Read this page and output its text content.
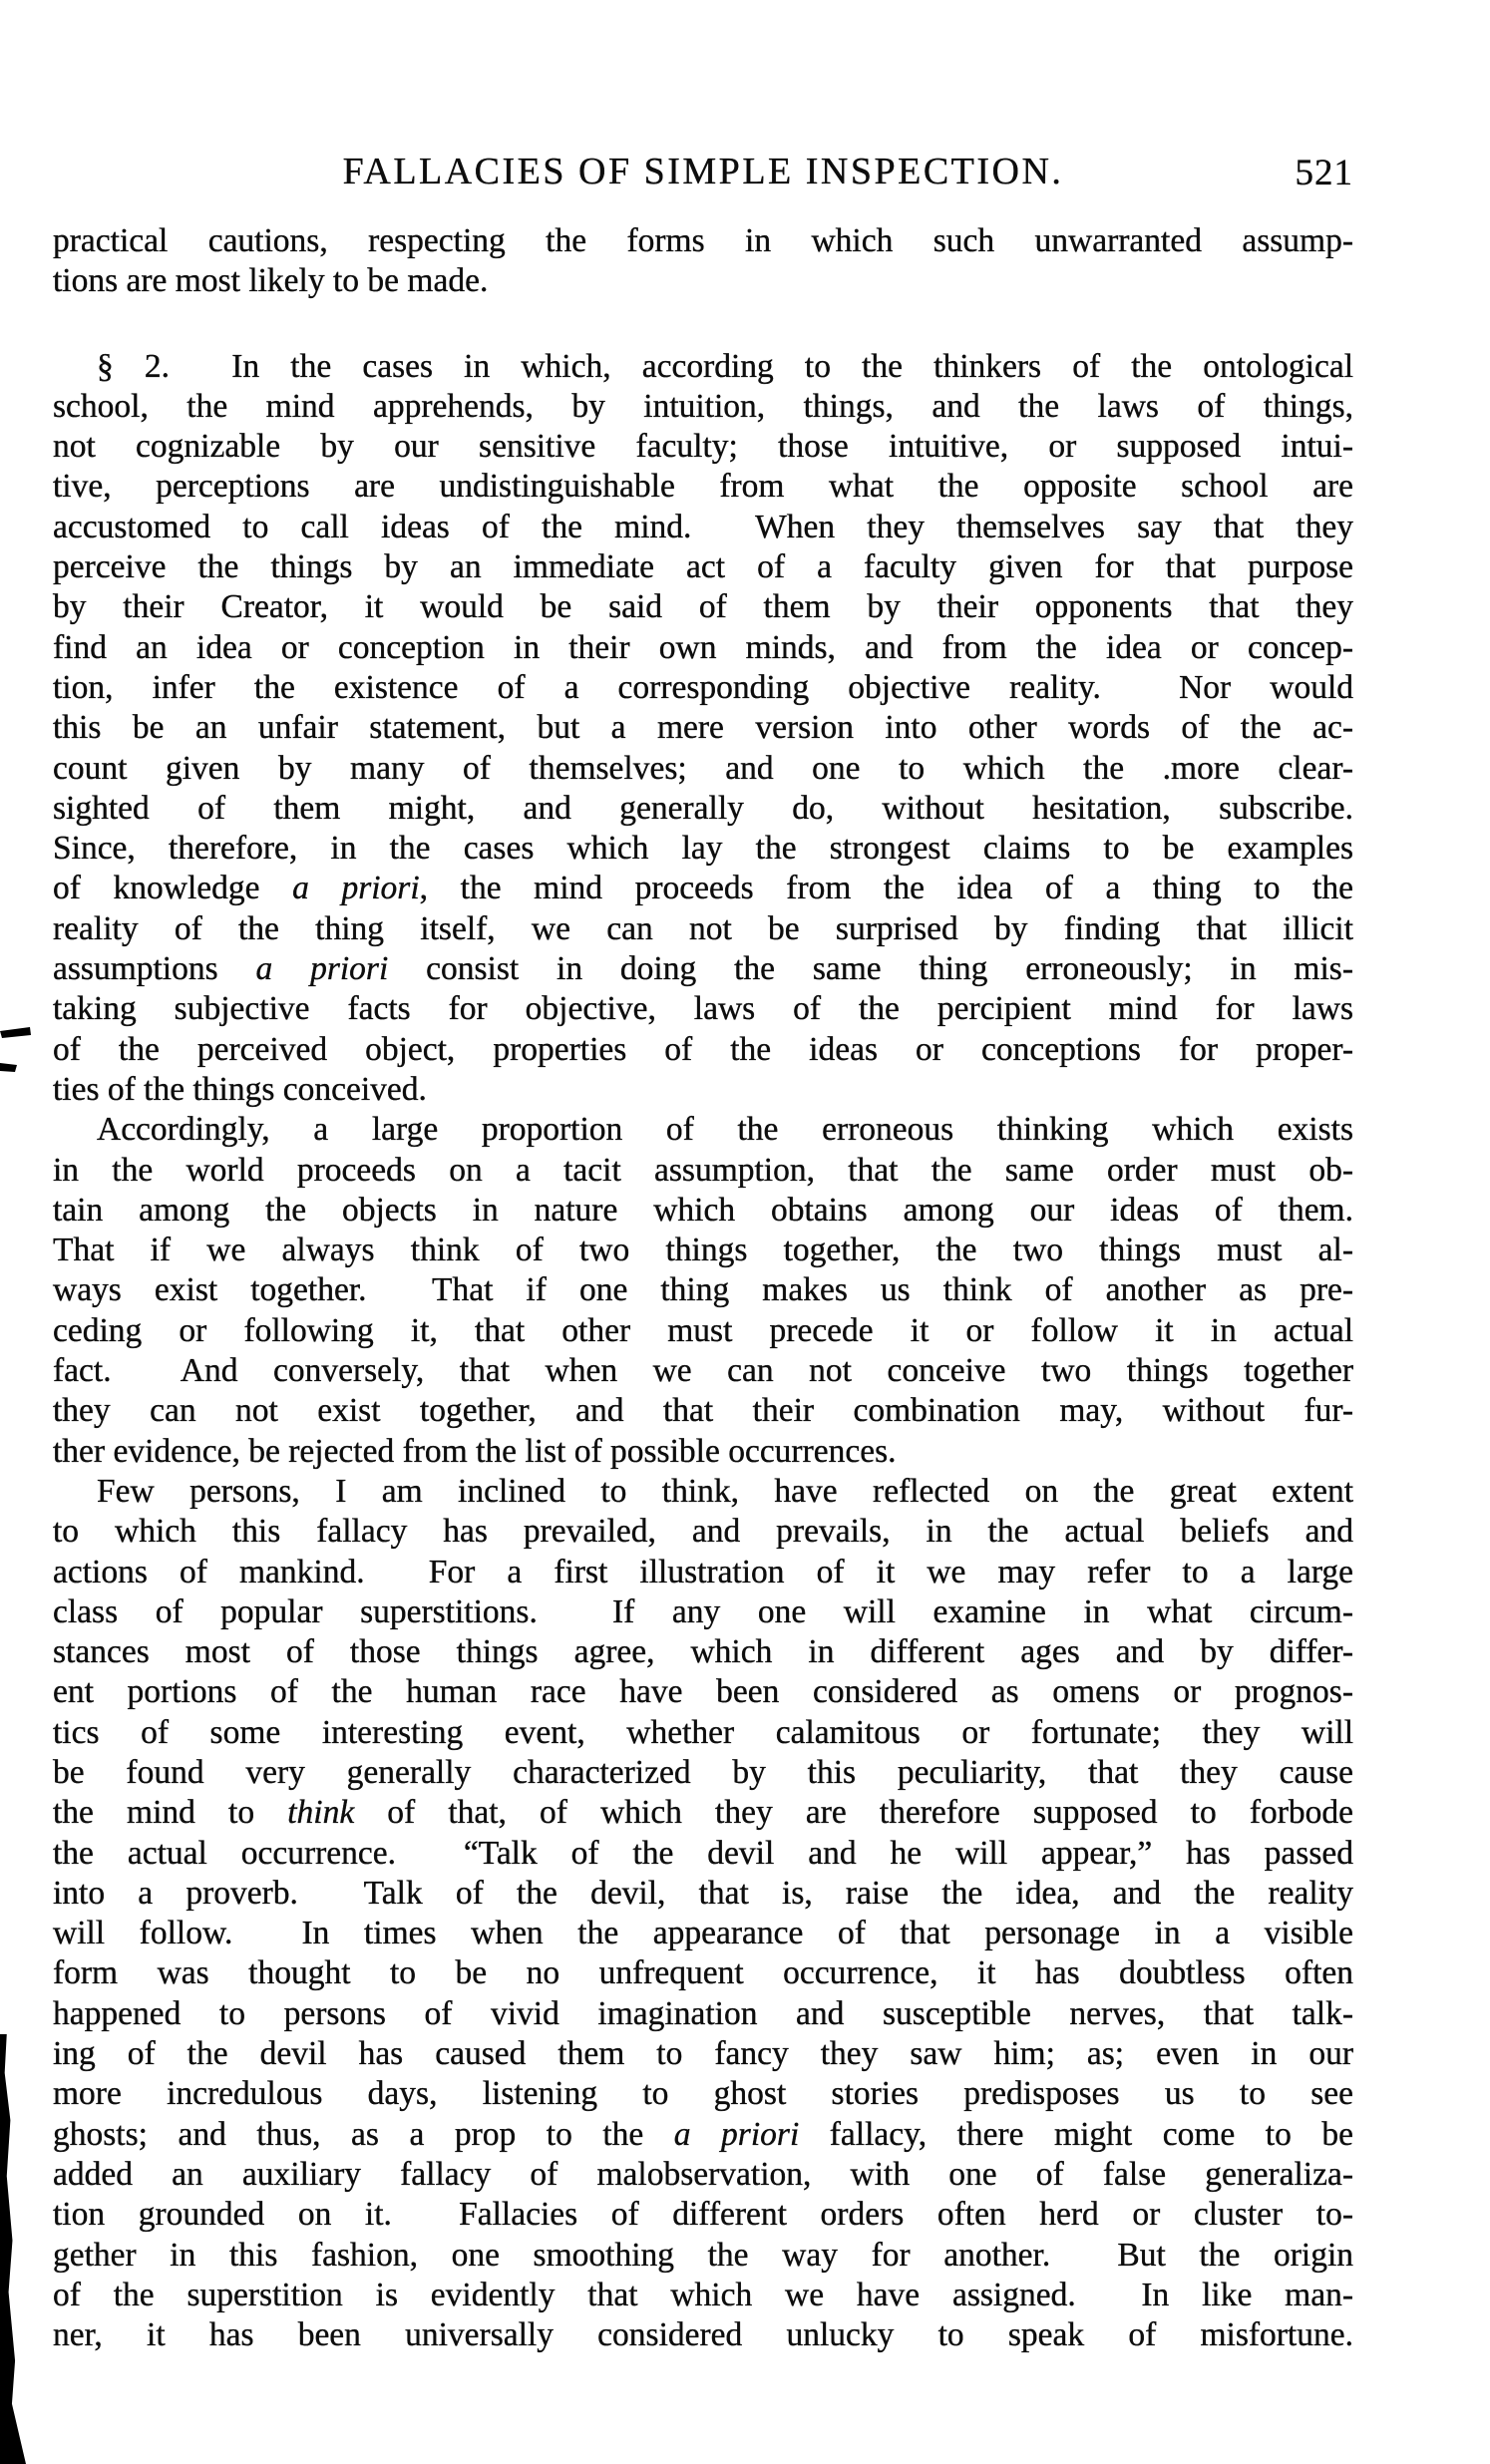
FALLACIES OF SIMPLE INSPECTION.	521
practical cautions, respecting the forms in which such unwarranted assump-
tions are most likely to be made.
§ 2.  In the cases in which, according to the thinkers of the ontological
school, the mind apprehends, by intuition, things, and the laws of things,
not cognizable by our sensitive faculty; those intuitive, or supposed intui-
tive, perceptions are undistinguishable from what the opposite school are
accustomed to call ideas of the mind.  When they themselves say that they
perceive the things by an immediate act of a faculty given for that purpose
by their Creator, it would be said of them by their opponents that they
find an idea or conception in their own minds, and from the idea or concep-
tion, infer the existence of a corresponding objective reality.  Nor would
this be an unfair statement, but a mere version into other words of the ac-
count given by many of themselves; and one to which the .more clear-
sighted of them might, and generally do, without hesitation, subscribe.
Since, therefore, in the cases which lay the strongest claims to be examples
of knowledge a priori, the mind proceeds from the idea of a thing to the
reality of the thing itself, we can not be surprised by finding that illicit
assumptions a priori consist in doing the same thing erroneously; in mis-
taking subjective facts for objective, laws of the percipient mind for laws
of the perceived object, properties of the ideas or conceptions for proper-
ties of the things conceived.
Accordingly, a large proportion of the erroneous thinking which exists
in the world proceeds on a tacit assumption, that the same order must ob-
tain among the objects in nature which obtains among our ideas of them.
That if we always think of two things together, the two things must al-
ways exist together.  That if one thing makes us think of another as pre-
ceding or following it, that other must precede it or follow it in actual
fact.  And conversely, that when we can not conceive two things together
they can not exist together, and that their combination may, without fur-
ther evidence, be rejected from the list of possible occurrences.
Few persons, I am inclined to think, have reflected on the great extent
to which this fallacy has prevailed, and prevails, in the actual beliefs and
actions of mankind.  For a first illustration of it we may refer to a large
class of popular superstitions.  If any one will examine in what circum-
stances most of those things agree, which in different ages and by differ-
ent portions of the human race have been considered as omens or prognos-
tics of some interesting event, whether calamitous or fortunate; they will
be found very generally characterized by this peculiarity, that they cause
the mind to think of that, of which they are therefore supposed to forbode
the actual occurrence.  “Talk of the devil and he will appear,” has passed
into a proverb.  Talk of the devil, that is, raise the idea, and the reality
will follow.  In times when the appearance of that personage in a visible
form was thought to be no unfrequent occurrence, it has doubtless often
happened to persons of vivid imagination and susceptible nerves, that talk-
ing of the devil has caused them to fancy they saw him; as; even in our
more incredulous days, listening to ghost stories predisposes us to see
ghosts; and thus, as a prop to the a priori fallacy, there might come to be
added an auxiliary fallacy of malobservation, with one of false generaliza-
tion grounded on it.  Fallacies of different orders often herd or cluster to-
gether in this fashion, one smoothing the way for another.  But the origin
of the superstition is evidently that which we have assigned.  In like man-
ner, it has been universally considered unlucky to speak of misfortune.
